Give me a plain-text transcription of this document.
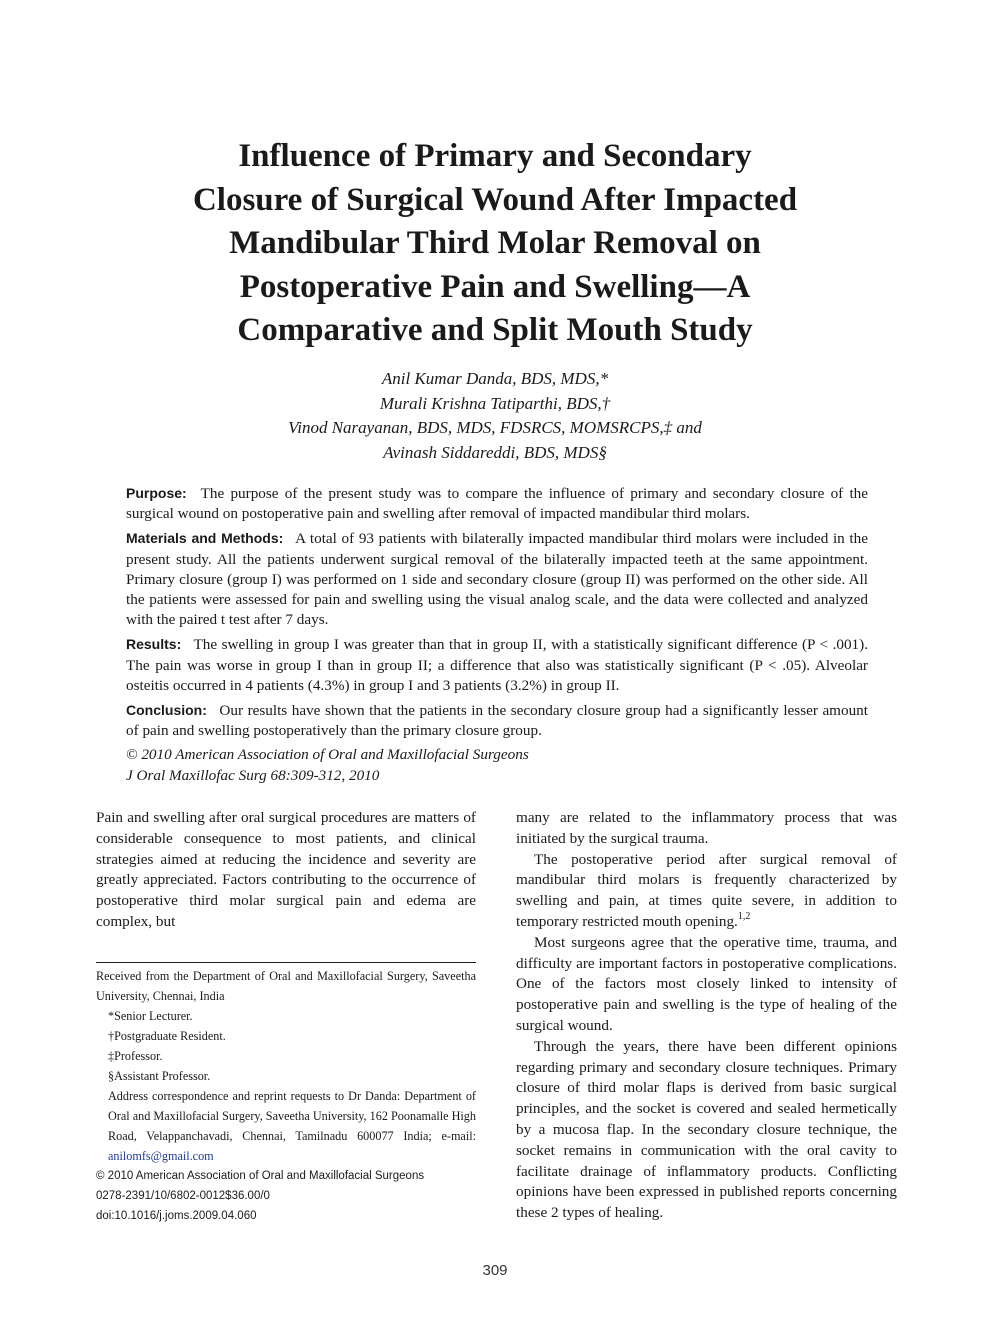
Influence of Primary and Secondary
Closure of Surgical Wound After Impacted
Mandibular Third Molar Removal on
Postoperative Pain and Swelling—A
Comparative and Split Mouth Study
Anil Kumar Danda, BDS, MDS,*
Murali Krishna Tatiparthi, BDS,†
Vinod Narayanan, BDS, MDS, FDSRCS, MOMSRCPS,‡ and
Avinash Siddareddi, BDS, MDS§

Purpose: The purpose of the present study was to compare the influence of primary and secondary closure of the surgical wound on postoperative pain and swelling after removal of impacted mandibular third molars.

Materials and Methods: A total of 93 patients with bilaterally impacted mandibular third molars were included in the present study. All the patients underwent surgical removal of the bilaterally impacted teeth at the same appointment. Primary closure (group I) was performed on 1 side and secondary closure (group II) was performed on the other side. All the patients were assessed for pain and swelling using the visual analog scale, and the data were collected and analyzed with the paired t test after 7 days.

Results: The swelling in group I was greater than that in group II, with a statistically significant difference (P < .001). The pain was worse in group I than in group II; a difference that also was statistically significant (P < .05). Alveolar osteitis occurred in 4 patients (4.3%) in group I and 3 patients (3.2%) in group II.

Conclusion: Our results have shown that the patients in the secondary closure group had a significantly lesser amount of pain and swelling postoperatively than the primary closure group.

© 2010 American Association of Oral and Maxillofacial Surgeons

J Oral Maxillofac Surg 68:309-312, 2010

Pain and swelling after oral surgical procedures are matters of considerable consequence to most patients, and clinical strategies aimed at reducing the incidence and severity are greatly appreciated. Factors contributing to the occurrence of postoperative third molar surgical pain and edema are complex, but

many are related to the inflammatory process that was initiated by the surgical trauma.

The postoperative period after surgical removal of mandibular third molars is frequently characterized by swelling and pain, at times quite severe, in addition to temporary restricted mouth opening.$^{1,2}$

Most surgeons agree that the operative time, trauma, and difficulty are important factors in postoperative complications. One of the factors most closely linked to intensity of postoperative pain and swelling is the type of healing of the surgical wound.

Through the years, there have been different opinions regarding primary and secondary closure techniques. Primary closure of third molar flaps is derived from basic surgical principles, and the socket is covered and sealed hermetically by a mucosa flap. In the secondary closure technique, the socket remains in communication with the oral cavity to facilitate drainage of inflammatory products. Conflicting opinions have been expressed in published reports concerning these 2 types of healing.

Received from the Department of Oral and Maxillofacial Surgery, Saveetha University, Chennai, India

*Senior Lecturer.

†Postgraduate Resident.

‡Professor.

§Assistant Professor.

Address correspondence and reprint requests to Dr Danda: Department of Oral and Maxillofacial Surgery, Saveetha University, 162 Poonamalle High Road, Velappanchavadi, Chennai, Tamilnadu 600077 India; e-mail: anilomfs@gmail.com

© 2010 American Association of Oral and Maxillofacial Surgeons

0278-2391/10/6802-0012$36.00/0

doi:10.1016/j.joms.2009.04.060

309
